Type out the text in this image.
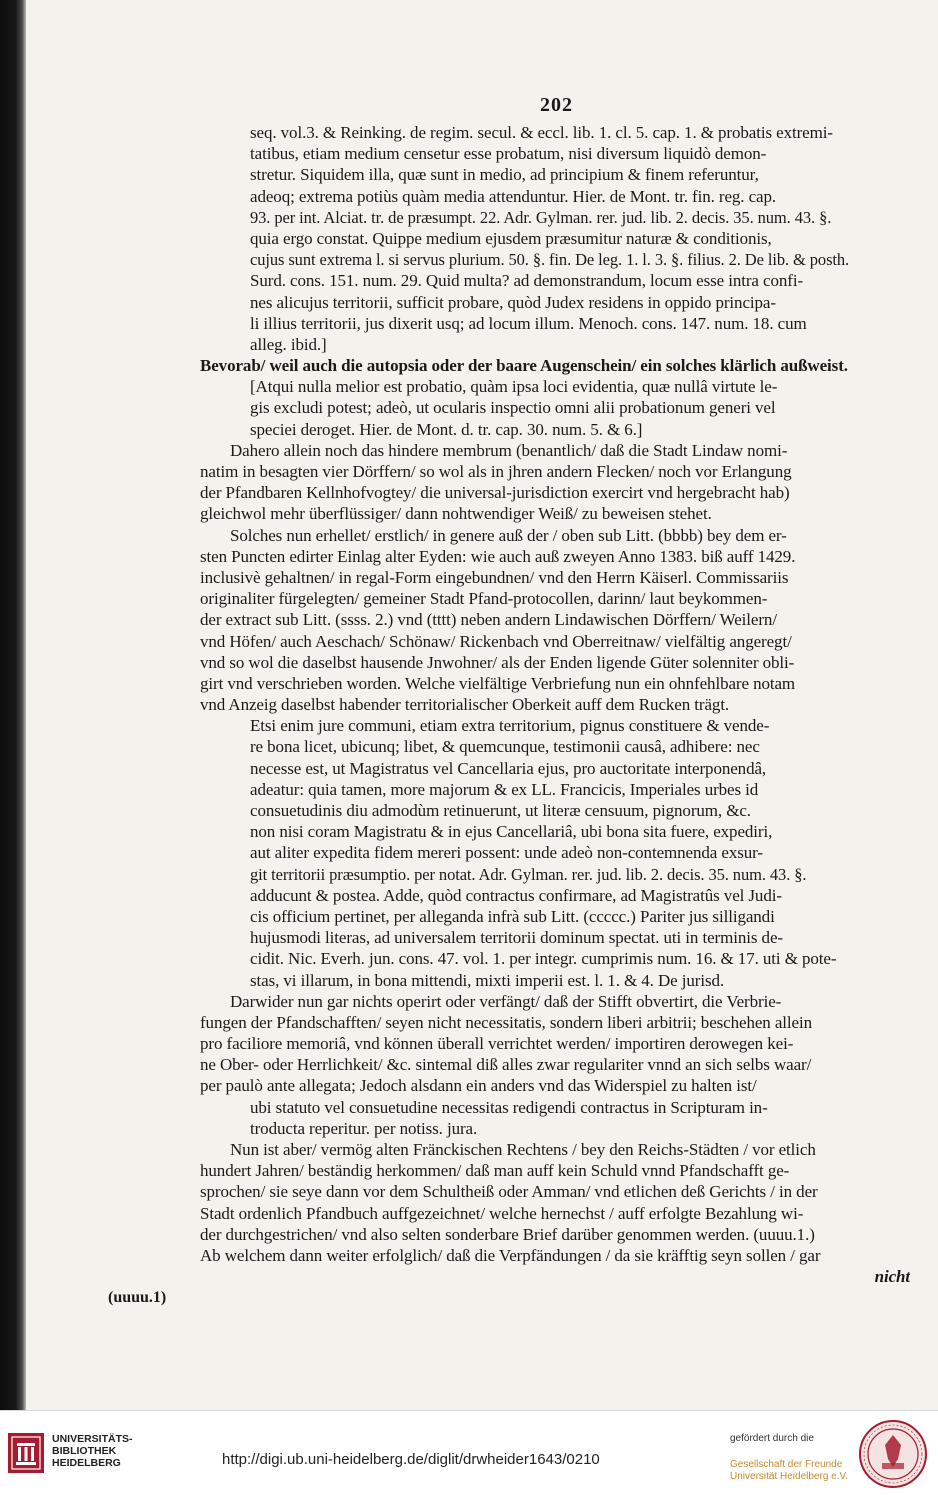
202
seq. vol.3. & Reinking. de regim. secul. & eccl. lib. 1. cl. 5. cap. 1. & probatis extremi-
tatibus, etiam medium censetur esse probatum, nisi diversum liquidò demon-
stretur. Siquidem illa, quæ sunt in medio, ad principium & finem referuntur,
adeoq; extrema potiùs quàm media attenduntur. Hier. de Mont. tr. fin. reg. cap.
93. per int. Alciat. tr. de præsumpt. 22. Adr. Gylman. rer. jud. lib. 2. decis. 35. num. 43. §.
quia ergo constat. Quippe medium ejusdem præsumitur naturæ & conditionis,
cujus sunt extrema l. si servus plurium. 50. §. fin. De leg. 1. l. 3. §. filius. 2. De lib. & posth.
Surd. cons. 151. num. 29. Quid multa? ad demonstrandum, locum esse intra confi-
nes alicujus territorii, sufficit probare, quòd Judex residens in oppido principa-
li illius territorii, jus dixerit usq; ad locum illum. Menoch. cons. 147. num. 18. cum
alleg. ibid.]
Bevorab/ weil auch die autopsia oder der baare Augenschein/ ein solches klärlich außweist.
[Atqui nulla melior est probatio, quàm ipsa loci evidentia, quæ nullâ virtute le-
gis excludi potest; adeò, ut ocularis inspectio omni alii probationum generi vel
speciei deroget. Hier. de Mont. d. tr. cap. 30. num. 5. & 6.]
Dahero allein noch das hindere membrum (benantlich/ daß die Stadt Lindaw nomi-
natim in besagten vier Dörffern/ so wol als in jhren andern Flecken/ noch vor Erlangung
der Pfandbaren Kellnhofvogtey/ die universal-jurisdiction exercirt vnd hergebracht hab)
gleichwol mehr überflüssiger/ dann nohtwendiger Weiß/ zu beweisen stehet.
Solches nun erhellet/ erstlich/ in genere auß der / oben sub Litt. (bbbb) bey dem er-
sten Puncten edirter Einlag alter Eyden: wie auch auß zweyen Anno 1383. biß auff 1429.
inclusivè gehaltnen/ in regal-Form eingebundnen/ vnd den Herrn Käiserl. Commissariis
originaliter fürgelegten/ gemeiner Stadt Pfand-protocollen, darinn/ laut beykommen-
der extract sub Litt. (ssss. 2.) vnd (tttt) neben andern Lindawischen Dörffern/ Weilern/
vnd Höfen/ auch Aeschach/ Schönaw/ Rickenbach vnd Oberreitnaw/ vielfältig angeregt/
vnd so wol die daselbst hausende Jnwohner/ als der Enden ligende Güter solenniter obli-
girt vnd verschrieben worden. Welche vielfältige Verbriefung nun ein ohnfehlbare notam
vnd Anzeig daselbst habender territorialischer Oberkeit auff dem Rucken trägt.
Etsi enim jure communi, etiam extra territorium, pignus constituere & vende-
re bona licet, ubicunq; libet, & quemcunque, testimonii causâ, adhibere: nec
necesse est, ut Magistratus vel Cancellaria ejus, pro auctoritate interponendâ,
adeatur: quia tamen, more majorum & ex LL. Francicis, Imperiales urbes id
consuetudinis diu admodùm retinuerunt, ut literæ censuum, pignorum, &c.
non nisi coram Magistratu & in ejus Cancellariâ, ubi bona sita fuere, expediri,
aut aliter expedita fidem mereri possent: unde adeò non-contemnenda exsur-
git territorii præsumptio. per notat. Adr. Gylman. rer. jud. lib. 2. decis. 35. num. 43. §.
adducunt & postea. Adde, quòd contractus confirmare, ad Magistratûs vel Judi-
cis officium pertinet, per alleganda infrà sub Litt. (ccccc.) Pariter jus silligandi
hujusmodi literas, ad universalem territorii dominum spectat. uti in terminis de-
cidit. Nic. Everh. jun. cons. 47. vol. 1. per integr. cumprimis num. 16. & 17. uti & pote-
stas, vi illarum, in bona mittendi, mixti imperii est. l. 1. & 4. De jurisd.
Darwider nun gar nichts operirt oder verfängt/ daß der Stifft obvertirt, die Verbrie-
fungen der Pfandschafften/ seyen nicht necessitatis, sondern liberi arbitrii; beschehen allein
pro faciliore memoriâ, vnd können überall verrichtet werden/ importiren derowegen kei-
ne Ober- oder Herrlichkeit/ &c. sintemal diß alles zwar regulariter vnnd an sich selbs waar/
per paulò ante allegata; Jedoch alsdann ein anders vnd das Widerspiel zu halten ist/
ubi statuto vel consuetudine necessitas redigendi contractus in Scripturam in-
troducta reperitur. per notiss. jura.
Nun ist aber/ vermög alten Fränckischen Rechtens / bey den Reichs-Städten / vor etlich
hundert Jahren/ beständig herkommen/ daß man auff kein Schuld vnnd Pfandschafft ge-
sprochen/ sie seye dann vor dem Schultheiß oder Amman/ vnd etlichen deß Gerichts / in der
Stadt ordenlich Pfandbuch auffgezeichnet/ welche hernechst / auff erfolgte Bezahlung wi-
der durchgestrichen/ vnd also selten sonderbare Brief darüber genommen werden. (uuuu.1.)
Ab welchem dann weiter erfolglich/ daß die Verpfändungen / da sie kräfftig seyn sollen / gar
nicht
(uuuu.1)
UNIVERSITÄTS-
BIBLIOTHEK
HEIDELBERG	http://digi.ub.uni-heidelberg.de/diglit/drwheider1643/0210
gefördert durch die
Gesellschaft der Freunde
Universität Heidelberg e.V.
